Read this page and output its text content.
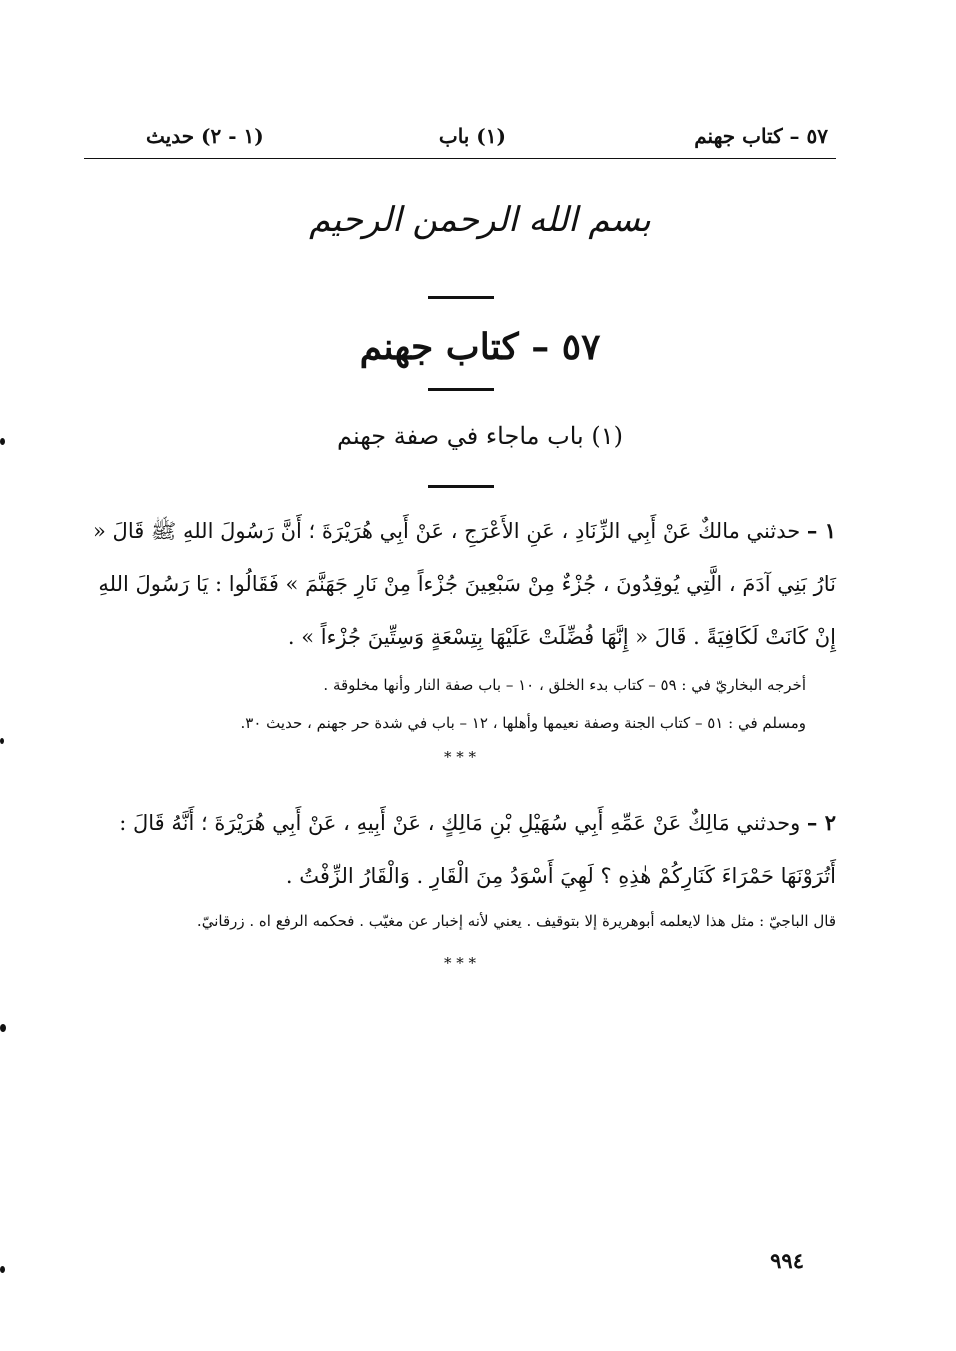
٥٧ – كتاب جهنم
(١) باب
(١ - ٢) حديث
بسم الله الرحمن الرحيم
٥٧ – كتاب جهنم
(١) باب ماجاء في صفة جهنم

١ – حدثني مالكٌ عَنْ أَبِي الزِّنَادِ ، عَنِ الأَعْرَجِ ، عَنْ أَبِي هُرَيْرَةَ ؛ أَنَّ رَسُولَ اللهِ ﷺ قَالَ « نَارُ بَنِي آدَمَ ، الَّتِي يُوقِدُونَ ، جُزْءٌ مِنْ سَبْعِينَ جُزْءاً مِنْ نَارِ جَهَنَّمَ » فَقَالُوا : يَا رَسُولَ اللهِ إِنْ كَانَتْ لَكَافِيَةً . قَالَ « إِنَّهَا فُضِّلَتْ عَلَيْهَا بِتِسْعَةٍ وَسِتِّينَ جُزْءاً » .

أخرجه البخاريّ في : ٥٩ – كتاب بدء الخلق ، ١٠ – باب صفة النار وأنها مخلوقة .

ومسلم في : ٥١ – كتاب الجنة وصفة نعيمها وأهلها ، ١٢ – باب في شدة حر جهنم ، حديث ٣٠.

* * *

٢ – وحدثني مَالِكٌ عَنْ عَمِّهِ أَبِي سُهَيْلِ بْنِ مَالِكٍ ، عَنْ أَبِيهِ ، عَنْ أَبِي هُرَيْرَةَ ؛ أَنَّهُ قَالَ : أَتُرَوْنَهَا حَمْرَاءَ كَنَارِكُمْ هٰذِهِ ؟ لَهِيَ أَسْوَدُ مِنَ الْقَارِ . وَالْقَارُ الزِّفْتُ .

قال الباجيّ : مثل هذا لايعلمه أبوهريرة إلا بتوقيف . يعني لأنه إخبار عن مغيّب . فحكمه الرفع اه . زرقانيّ.

* * *
٩٩٤
